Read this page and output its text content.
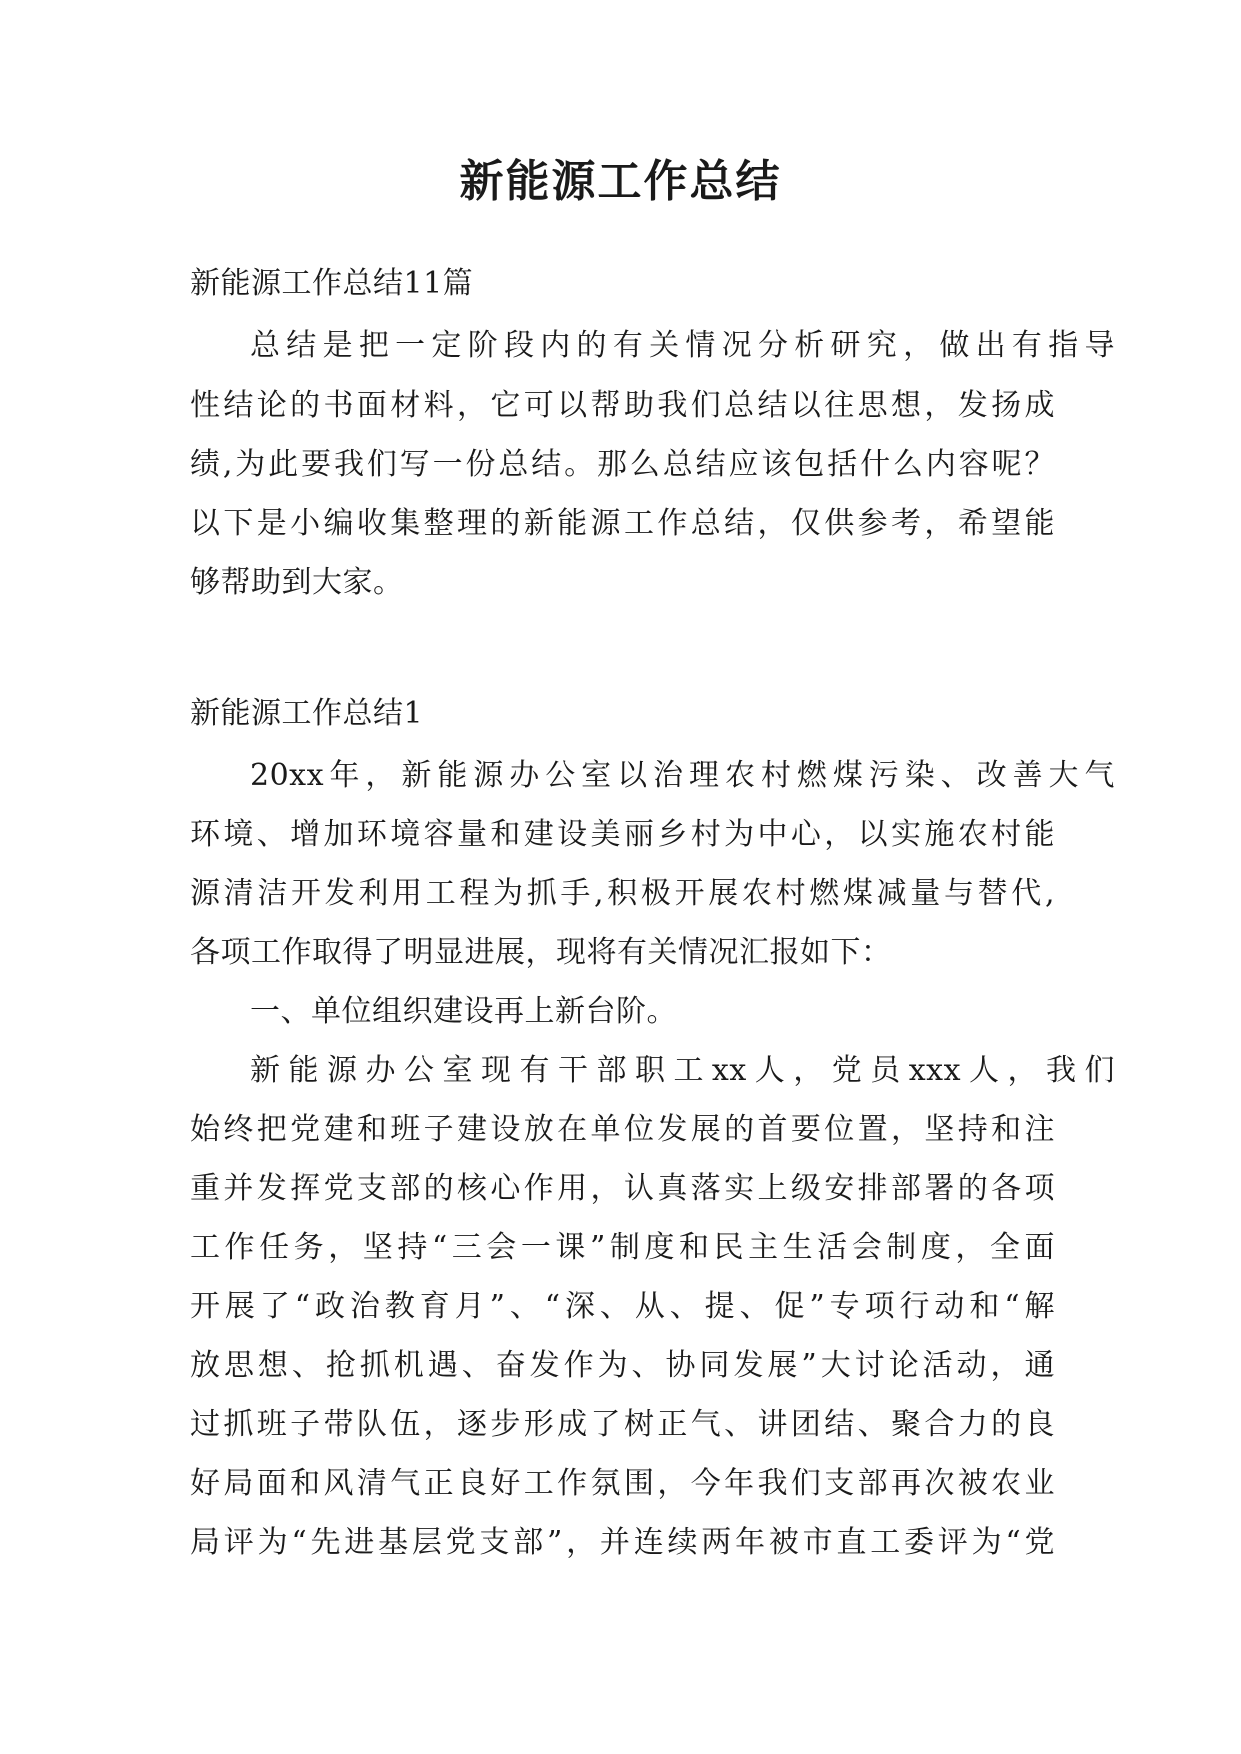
新能源工作总结

新能源工作总结11篇

总结是把一定阶段内的有关情况分析研究，做出有指导

性结论的书面材料，它可以帮助我们总结以往思想，发扬成

绩,为此要我们写一份总结。那么总结应该包括什么内容呢？

以下是小编收集整理的新能源工作总结，仅供参考，希望能

够帮助到大家。

新能源工作总结1

20xx年，新能源办公室以治理农村燃煤污染、改善大气

环境、增加环境容量和建设美丽乡村为中心，以实施农村能

源清洁开发利用工程为抓手,积极开展农村燃煤减量与替代,

各项工作取得了明显进展，现将有关情况汇报如下：

一、单位组织建设再上新台阶。

新能源办公室现有干部职工xx人，党员xxx人，我们

始终把党建和班子建设放在单位发展的首要位置，坚持和注

重并发挥党支部的核心作用，认真落实上级安排部署的各项

工作任务，坚持“三会一课”制度和民主生活会制度，全面

开展了“政治教育月”、“深、从、提、促”专项行动和“解

放思想、抢抓机遇、奋发作为、协同发展”大讨论活动，通

过抓班子带队伍，逐步形成了树正气、讲团结、聚合力的良

好局面和风清气正良好工作氛围，今年我们支部再次被农业

局评为“先进基层党支部”，并连续两年被市直工委评为“党
